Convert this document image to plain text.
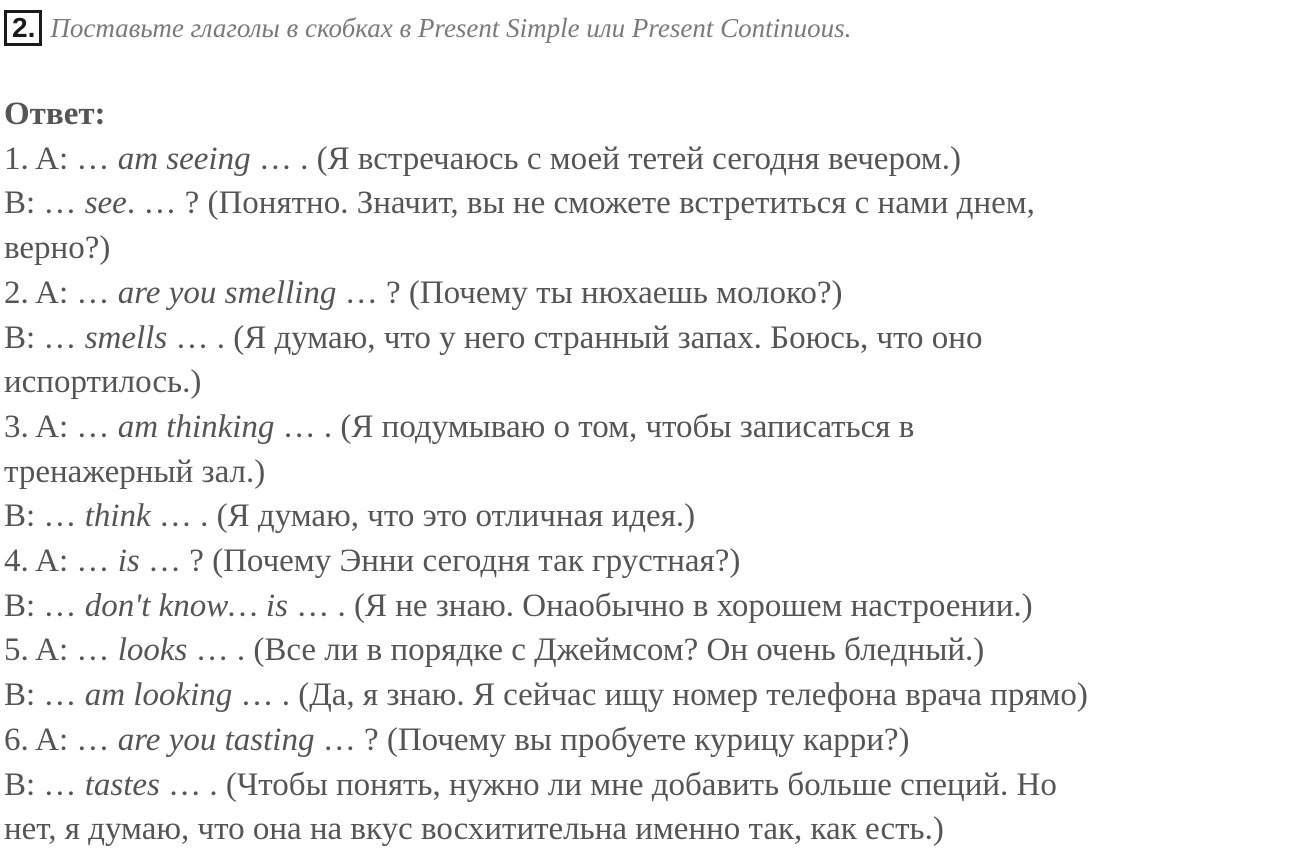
2. Поставьте глаголы в скобках в Present Simple или Present Continuous.
Ответ:
1. A: … am seeing … . (Я встречаюсь с моей тетей сегодня вечером.)
B: … see. … ? (Понятно. Значит, вы не сможете встретиться с нами днем,
верно?)
2. A: … are you smelling … ? (Почему ты нюхаешь молоко?)
B: … smells … . (Я думаю, что у него странный запах. Боюсь, что оно
испортилось.)
3. A: … am thinking … . (Я подумываю о том, чтобы записаться в
тренажерный зал.)
B: … think … . (Я думаю, что это отличная идея.)
4. A: … is … ? (Почему Энни сегодня так грустная?)
B: … don't know… is … . (Я не знаю. Онаобычно в хорошем настроении.)
5. A: … looks … . (Все ли в порядке с Джеймсом? Он очень бледный.)
B: … am looking … . (Да, я знаю. Я сейчас ищу номер телефона врача прямо)
6. A: … are you tasting … ? (Почему вы пробуете курицу карри?)
B: … tastes … . (Чтобы понять, нужно ли мне добавить больше специй. Но
нет, я думаю, что она на вкус восхитительна именно так, как есть.)
